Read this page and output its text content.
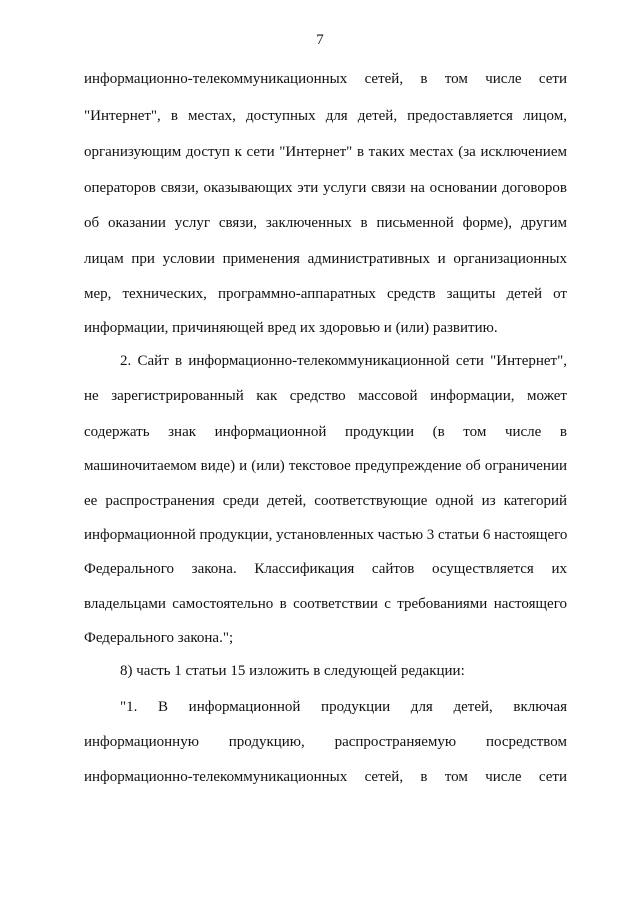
7
информационно-телекоммуникационных сетей, в том числе сети
"Интернет", в местах, доступных для детей, предоставляется лицом,
организующим доступ к сети "Интернет" в таких местах (за исключением
операторов связи, оказывающих эти услуги связи на основании договоров
об оказании услуг связи, заключенных в письменной форме), другим
лицам при условии применения административных и организационных
мер, технических, программно-аппаратных средств защиты детей от
информации, причиняющей вред их здоровью и (или) развитию.
2. Сайт в информационно-телекоммуникационной сети "Интернет",
не зарегистрированный как средство массовой информации, может
содержать знак информационной продукции (в том числе в
машиночитаемом виде) и (или) текстовое предупреждение об ограничении
ее распространения среди детей, соответствующие одной из категорий
информационной продукции, установленных частью 3 статьи 6 настоящего
Федерального закона. Классификация сайтов осуществляется их
владельцами самостоятельно в соответствии с требованиями настоящего
Федерального закона.";
8) часть 1 статьи 15 изложить в следующей редакции:
"1. В информационной продукции для детей, включая
информационную продукцию, распространяемую посредством
информационно-телекоммуникационных сетей, в том числе сети
